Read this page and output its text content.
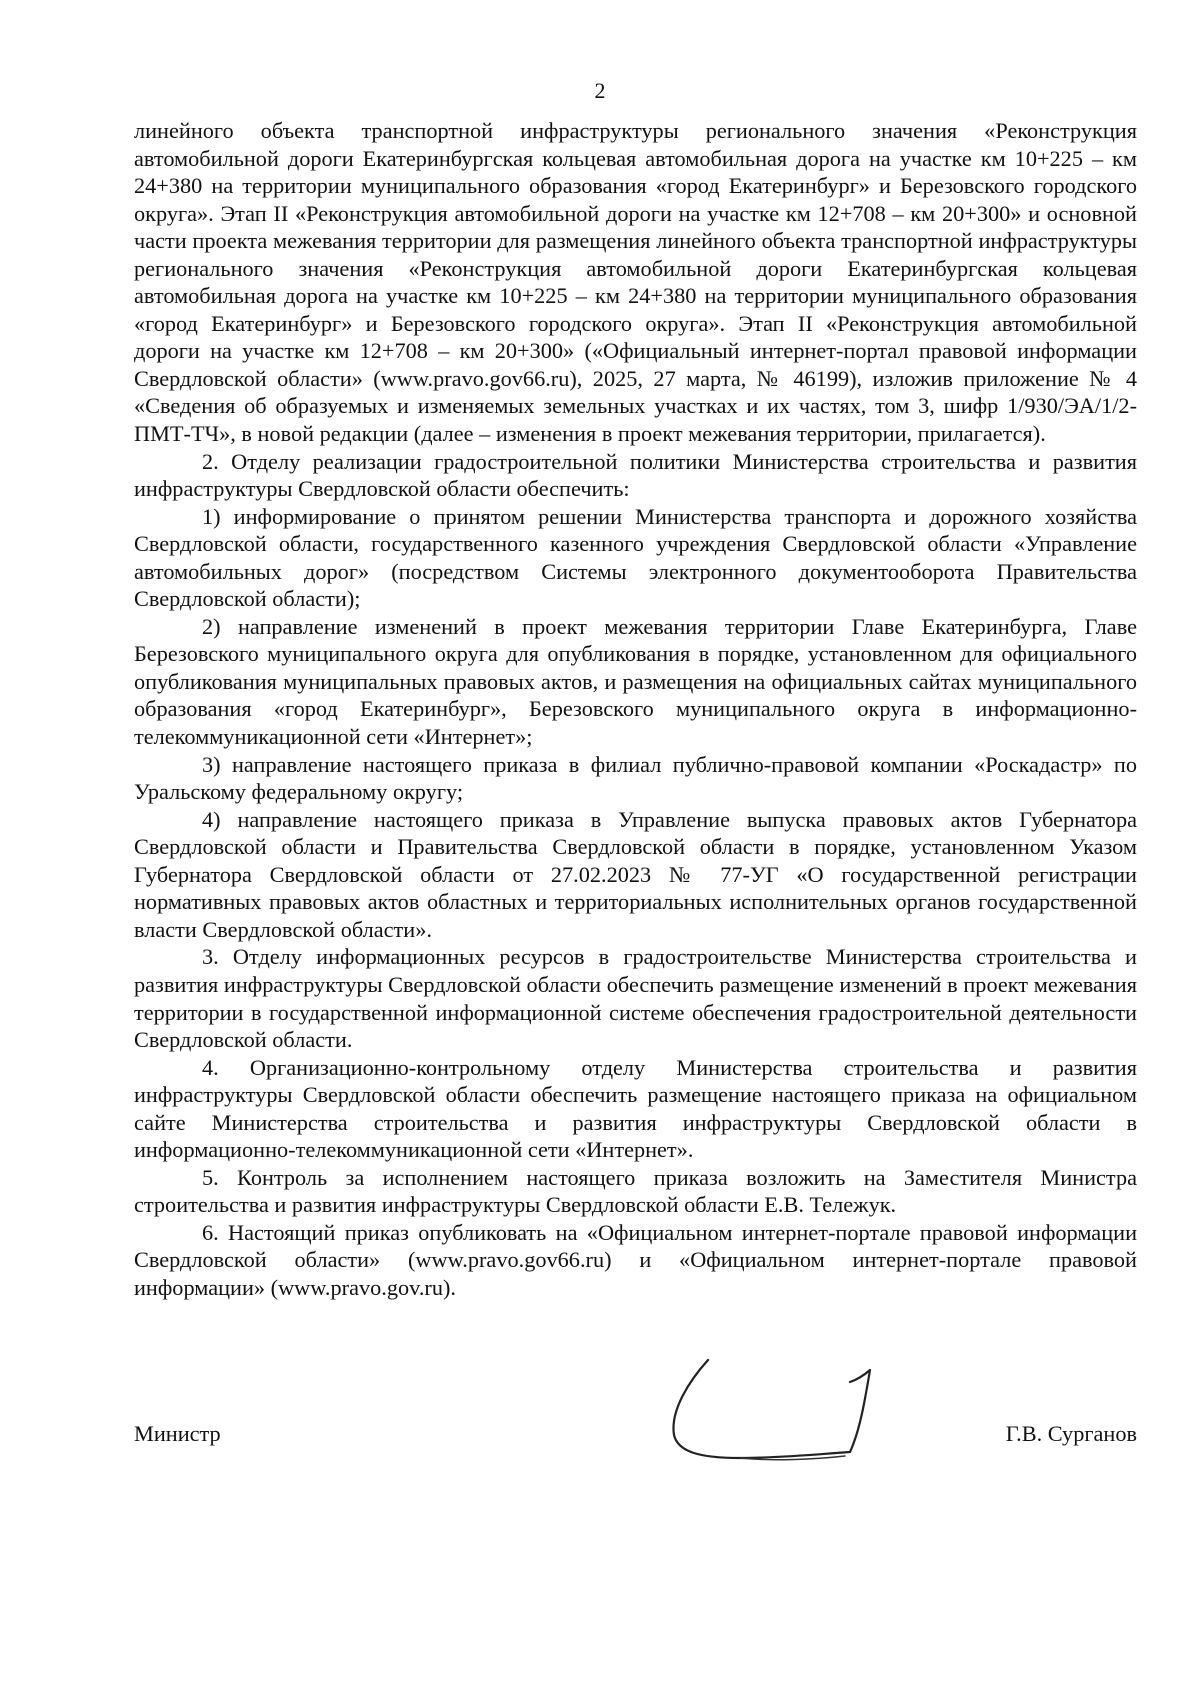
2

линейного объекта транспортной инфраструктуры регионального значения «Реконструкция автомобильной дороги Екатеринбургская кольцевая автомобильная дорога на участке км 10+225 – км 24+380 на территории муниципального образования «город Екатеринбург» и Березовского городского округа». Этап II «Реконструкция автомобильной дороги на участке км 12+708 – км 20+300» и основной части проекта межевания территории для размещения линейного объекта транспортной инфраструктуры регионального значения «Реконструкция автомобильной дороги Екатеринбургская кольцевая автомобильная дорога на участке км 10+225 – км 24+380 на территории муниципального образования «город Екатеринбург» и Березовского городского округа». Этап II «Реконструкция автомобильной дороги на участке км 12+708 – км 20+300» («Официальный интернет-портал правовой информации Свердловской области» (www.pravo.gov66.ru), 2025, 27 марта, № 46199), изложив приложение № 4 «Сведения об образуемых и изменяемых земельных участках и их частях, том 3, шифр 1/930/ЭА/1/2-ПМТ-ТЧ», в новой редакции (далее – изменения в проект межевания территории, прилагается).

2. Отделу реализации градостроительной политики Министерства строительства и развития инфраструктуры Свердловской области обеспечить:

1) информирование о принятом решении Министерства транспорта и дорожного хозяйства Свердловской области, государственного казенного учреждения Свердловской области «Управление автомобильных дорог» (посредством Системы электронного документооборота Правительства Свердловской области);

2) направление изменений в проект межевания территории Главе Екатеринбурга, Главе Березовского муниципального округа для опубликования в порядке, установленном для официального опубликования муниципальных правовых актов, и размещения на официальных сайтах муниципального образования «город Екатеринбург», Березовского муниципального округа в информационно-телекоммуникационной сети «Интернет»;

3) направление настоящего приказа в филиал публично-правовой компании «Роскадастр» по Уральскому федеральному округу;

4) направление настоящего приказа в Управление выпуска правовых актов Губернатора Свердловской области и Правительства Свердловской области в порядке, установленном Указом Губернатора Свердловской области от 27.02.2023 № 77-УГ «О государственной регистрации нормативных правовых актов областных и территориальных исполнительных органов государственной власти Свердловской области».

3. Отделу информационных ресурсов в градостроительстве Министерства строительства и развития инфраструктуры Свердловской области обеспечить размещение изменений в проект межевания территории в государственной информационной системе обеспечения градостроительной деятельности Свердловской области.

4. Организационно-контрольному отделу Министерства строительства и развития инфраструктуры Свердловской области обеспечить размещение настоящего приказа на официальном сайте Министерства строительства и развития инфраструктуры Свердловской области в информационно-телекоммуникационной сети «Интернет».

5. Контроль за исполнением настоящего приказа возложить на Заместителя Министра строительства и развития инфраструктуры Свердловской области Е.В. Тележук.

6. Настоящий приказ опубликовать на «Официальном интернет-портале правовой информации Свердловской области» (www.pravo.gov66.ru) и «Официальном интернет-портале правовой информации» (www.pravo.gov.ru).

Министр	Г.В. Сурганов
